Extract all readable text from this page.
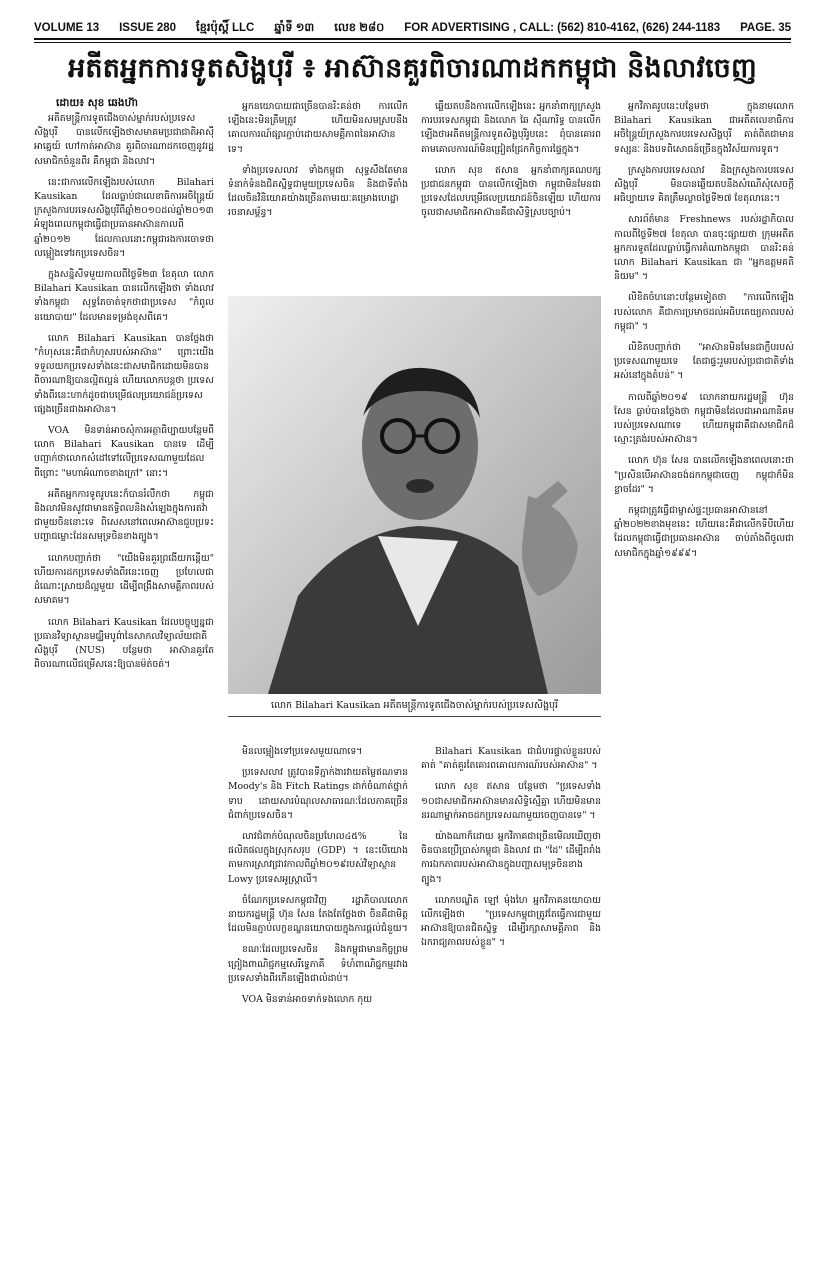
VOLUME 13 ISSUE 280 ខ្មែរប៉ុស្ដិ៍ LLC ឆ្នាំទី ១៣ លេខ ២៨០ FOR ADVERTISING , CALL: (562) 810-4162, (626) 244-1183 PAGE. 35
អតីតអ្នកការទូតសិង្ហបុរី ៖ អាស៊ានគួរពិចារណាដកកម្ពុជា និងលាវចេញ
ដោយ៖ សុខ ឆេងហ៊ា

អតីតមន្ត្រីការទូតជើងចាស់ម្នាក់របស់ប្រទេសសិង្ហបុរី បានលើកឡើងថាសមាគមប្រជាជាតិអាស៊ីអាគ្នេយ៍ ហៅកាត់អាស៊ាន គួរពិចារណាដកចេញនូវរដ្ឋសមាជិកចំនួនពីរ គឺកម្ពុជា និងលាវ។

នេះជាការលើកឡើងរបស់លោក Bilahari Kausikan ដែលធ្លាប់ជាលេខាធិការអចិន្ត្រៃយ៍ក្រសួងការបរទេសសិង្ហបុរីពីឆ្នាំ២០១០ដល់ឆ្នាំ២០១៣ អំឡុងពេលកម្ពុជាធ្វើជាប្រធានអាស៊ានកាលពីឆ្នាំ២០១២ ដែលកាលនោះកម្ពុជារងការចោទថាលម្អៀងទៅរកប្រទេសចិន។

ក្នុងសន្និសីទមួយកាលពីថ្ងៃទី២៣ ខែតុលា លោក Bilahari Kausikan បានលើកឡើងថា ទាំងលាវទាំងកម្ពុជា សុទ្ធតែចាត់ទុកថាជាប្រទេស "កំពូលនយោបាយ" ដែលមានទម្រង់ខុសពីគេ។

លោក Bilahari Kausikan បានថ្លែងថា "កំហុសនេះគឺជាកំហុសរបស់អាស៊ាន" ព្រោះយើងទទួលយកប្រទេសទាំងនេះជាសមាជិកដោយមិនបានពិចារណាឱ្យបានល្អិតល្អន់ ហើយលោកបន្តថា ប្រទេសទាំងពីរនេះហាក់ដូចជាបម្រើផលប្រយោជន៍ប្រទេសផ្សេងច្រើនជាងអាស៊ាន។

VOA មិនទាន់អាចសុំការអត្ថាធិប្បាយបន្ថែមពីលោក Bilahari Kausikan បានទេ ដើម្បីបញ្ជាក់ថាលោកសំដៅទៅលើប្រទេសណាមួយដែលពីព្រោះ "មហាអំណាចខាងក្រៅ" នោះ។

អតីតអ្នកការទូតរូបនេះក៏បានរំលឹកថា កម្ពុជា និងលាវមិនសូវជាមានឥទ្ធិពលនិងសំឡេងក្នុងការតវ៉ាជាមួយចិននោះទេ ពិសេសនៅពេលអាស៊ានជួបប្រទះបញ្ហាជម្លោះដែនសមុទ្រចិនខាងត្បូង។

លោកបញ្ជាក់ថា "យើងមិនគួរព្រងើយកន្តើយ" ហើយការដកប្រទេសទាំងពីរនេះចេញ ប្រហែលជាដំណោះស្រាយដ៏ល្អមួយ ដើម្បីពង្រឹងសាមគ្គីភាពរបស់សមាគម។

លោក Bilahari Kausikan ដែលបច្ចុប្បន្នជាប្រធានវិទ្យាស្ថានមជ្ឈិមបូព៌ានៃសាកលវិទ្យាល័យជាតិសិង្ហបុរី (NUS) បន្ថែមថា អាស៊ានគួរតែពិចារណាលើជម្រើសនេះឱ្យបានម៉ត់ចត់។

អ្នកនយោបាយជាច្រើនបានរិះគន់ថា ការលើកឡើងនេះមិនត្រឹមត្រូវ ហើយមិនសមស្របនឹងគោលការណ៍ផ្សារភ្ជាប់ដោយសាមគ្គីភាពនៃអាស៊ានទេ។

ទាំងប្រទេសលាវ ទាំងកម្ពុជា សុទ្ធសឹងតែមានទំនាក់ទំនងជិតស្និទ្ធជាមួយប្រទេសចិន និងជាទីតាំងដែលចិនវិនិយោគយ៉ាងច្រើនតាមរយៈគម្រោងហេដ្ឋារចនាសម្ព័ន្ធ។

ឆ្លើយតបនឹងការលើកឡើងនេះ អ្នកនាំពាក្យក្រសួងការបរទេសកម្ពុជា និងលោក ឆៃ ស៊ីណារិទ្ធ បានលើកឡើងថាអតីតមន្ត្រីការទូតសិង្ហបុរីរូបនេះ ពុំបានគោរពតាមគោលការណ៍មិនជ្រៀតជ្រែកកិច្ចការផ្ទៃក្នុង។

លោក សុខ ឥសាន អ្នកនាំពាក្យគណបក្សប្រជាជនកម្ពុជា បានលើកឡើងថា កម្ពុជាមិនមែនជាប្រទេសដែលបម្រើផលប្រយោជន៍ចិនឡើយ ហើយការចូលជាសមាជិកអាស៊ានគឺជាសិទ្ធិស្របច្បាប់។

អ្នកវិភាគរូបនេះបន្ថែមថា ក្នុងនាមលោក Bilahari Kausikan ជាអតីតលេខាធិការអចិន្ត្រៃយ៍ក្រសួងការបរទេសសិង្ហបុរី គាត់ពិតជាមានទស្សនៈ និងបទពិសោធន៍ច្រើនក្នុងវិស័យការទូត។

ក្រសួងការបរទេសលាវ និងក្រសួងការបរទេសសិង្ហបុរី មិនបានឆ្លើយតបនឹងសំណើសុំសេចក្ដីអធិប្បាយទេ គិតត្រឹមល្ងាចថ្ងៃទី២៧ ខែតុលានេះ។

សារព័ត៌មាន Freshnews របស់រដ្ឋាភិបាលកាលពីថ្ងៃទី២៧ ខែតុលា បានចុះផ្សាយថា ក្រុមអតីតអ្នកការទូតដែលធ្លាប់ធ្វើការតំណាងកម្ពុជា បានរិះគន់លោក Bilahari Kausikan ជា "អ្នកឧត្តមគតិនិយម" ។

លិខិតចំហនោះបន្ថែមទៀតថា "ការលើកឡើងរបស់លោក គឺជាការប្រមាថដល់អធិបតេយ្យភាពរបស់កម្ពុជា" ។

លិខិតបញ្ជាក់ថា "អាស៊ានមិនមែនជាក្លឹបរបស់ប្រទេសណាមួយទេ តែជាផ្ទះរួមរបស់ប្រជាជាតិទាំងអស់នៅក្នុងតំបន់" ។

កាលពីឆ្នាំ២០១៩ លោកនាយករដ្ឋមន្ត្រី ហ៊ុន សែន ធ្លាប់បានថ្លែងថា កម្ពុជាមិនដែលជាអាណានិគមរបស់ប្រទេសណាទេ ហើយកម្ពុជាគឺជាសមាជិកដ៏ស្មោះត្រង់របស់អាស៊ាន។

លោក ហ៊ុន សែន បានលើកឡើងនាពេលនោះថា "ប្រសិនបើអាស៊ានចង់ដកកម្ពុជាចេញ កម្ពុជាក៏មិនខ្លាចដែរ" ។

កម្ពុជាត្រូវធ្វើជាម្ចាស់ផ្ទះប្រធានអាស៊ាននៅឆ្នាំ២០២២ខាងមុខនេះ ហើយនេះគឺជាលើកទីបីហើយ ដែលកម្ពុជាធ្វើជាប្រធានអាស៊ាន ចាប់តាំងពីចូលជាសមាជិកក្នុងឆ្នាំ១៩៩៩។

លោក Bilahari Kausikan អតីតមន្ត្រីការទូតជើងចាស់ម្នាក់របស់ប្រទេសសិង្ហបុរី

មិនលម្អៀងទៅប្រទេសមួយណាទេ។

ប្រទេសលាវ ត្រូវបានទីភ្នាក់ងារវាយតម្លៃឥណទាន Moody's និង Fitch Ratings ដាក់ចំណាត់ថ្នាក់ទាប ដោយសារបំណុលសាធារណៈដែលភាគច្រើនជំពាក់ប្រទេសចិន។

លាវជំពាក់បំណុលចិនប្រហែល៤៥% នៃផលិតផលក្នុងស្រុកសរុប (GDP) ។ នេះបើយោងតាមការស្រាវជ្រាវកាលពីឆ្នាំ២០១៩របស់វិទ្យាស្ថាន Lowy ប្រទេសអូស្ត្រាលី។

ចំណែកប្រទេសកម្ពុជាវិញ រដ្ឋាភិបាលលោកនាយករដ្ឋមន្ត្រី ហ៊ុន សែន តែងតែថ្លែងថា ចិនគឺជាមិត្តដែលមិនភ្ជាប់លក្ខខណ្ឌនយោបាយក្នុងការផ្ដល់ជំនួយ។

ខណៈដែលប្រទេសចិន និងកម្ពុជាមានកិច្ចព្រមព្រៀងពាណិជ្ជកម្មសេរីទ្វេភាគី ទំហំពាណិជ្ជកម្មរវាងប្រទេសទាំងពីរកើនឡើងជាលំដាប់។

VOA មិនទាន់អាចទាក់ទងលោក កុយ

Bilahari Kausikan ជាជំហរផ្ទាល់ខ្លួនរបស់គាត់ "គាត់គួរតែគោរពគោលការណ៍របស់អាស៊ាន" ។

លោក សុខ ឥសាន បន្ថែមថា "ប្រទេសទាំង ១០ជាសមាជិកអាស៊ានមានសិទ្ធិស្មើគ្នា ហើយមិនមាននរណាម្នាក់អាចដកប្រទេសណាមួយចេញបានទេ" ។

យ៉ាងណាក៏ដោយ អ្នកវិភាគជាច្រើនមើលឃើញថា ចិនបានប្រើប្រាស់កម្ពុជា និងលាវ ជា "ដៃ" ដើម្បីរារាំងការឯកភាពរបស់អាស៊ានក្នុងបញ្ហាសមុទ្រចិនខាងត្បូង។

លោកបណ្ឌិត ឡៅ ម៉ុងហៃ អ្នកវិភាគនយោបាយ លើកឡើងថា "ប្រទេសកម្ពុជាត្រូវតែធ្វើការជាមួយអាស៊ានឱ្យបានជិតស្និទ្ធ ដើម្បីរក្សាសាមគ្គីភាព និងឯករាជ្យភាពរបស់ខ្លួន" ។
